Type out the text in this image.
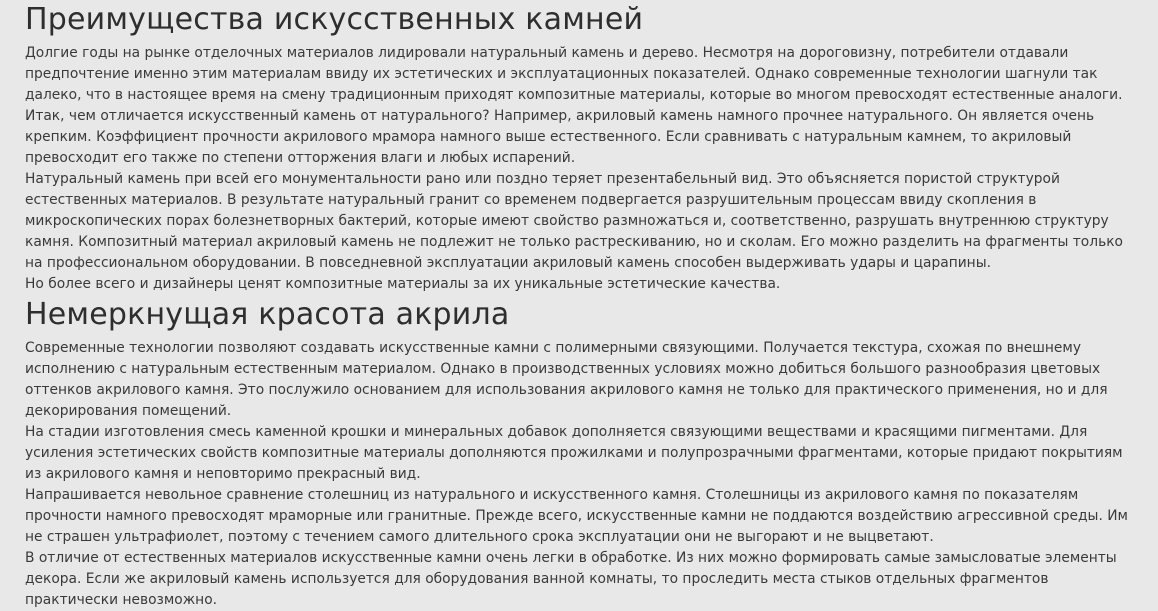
Преимущества искусственных камней

Долгие годы на рынке отделочных материалов лидировали натуральный камень и дерево. Несмотря на дороговизну, потребители отдавали предпочтение именно этим материалам ввиду их эстетических и эксплуатационных показателей. Однако современные технологии шагнули так далеко, что в настоящее время на смену традиционным приходят композитные материалы, которые во многом превосходят естественные аналоги.

Итак, чем отличается искусственный камень от натурального? Например, акриловый камень намного прочнее натурального. Он является очень крепким. Коэффициент прочности акрилового мрамора намного выше естественного. Если сравнивать с натуральным камнем, то акриловый превосходит его также по степени отторжения влаги и любых испарений.

Натуральный камень при всей его монументальности рано или поздно теряет презентабельный вид. Это объясняется пористой структурой естественных материалов. В результате натуральный гранит со временем подвергается разрушительным процессам ввиду скопления в микроскопических порах болезнетворных бактерий, которые имеют свойство размножаться и, соответственно, разрушать внутреннюю структуру камня. Композитный материал акриловый камень не подлежит не только растрескиванию, но и сколам. Его можно разделить на фрагменты только на профессиональном оборудовании. В повседневной эксплуатации акриловый камень способен выдерживать удары и царапины.

Но более всего и дизайнеры ценят композитные материалы за их уникальные эстетические качества.

Немеркнущая красота акрила

Современные технологии позволяют создавать искусственные камни с полимерными связующими. Получается текстура, схожая по внешнему исполнению с натуральным естественным материалом. Однако в производственных условиях можно добиться большого разнообразия цветовых оттенков акрилового камня. Это послужило основанием для использования акрилового камня не только для практического применения, но и для декорирования помещений.

На стадии изготовления смесь каменной крошки и минеральных добавок дополняется связующими веществами и красящими пигментами. Для усиления эстетических свойств композитные материалы дополняются прожилками и полупрозрачными фрагментами, которые придают покрытиям из акрилового камня и неповторимо прекрасный вид.

Напрашивается невольное сравнение столешниц из натурального и искусственного камня. Столешницы из акрилового камня по показателям прочности намного превосходят мраморные или гранитные. Прежде всего, искусственные камни не поддаются воздействию агрессивной среды. Им не страшен ультрафиолет, поэтому с течением самого длительного срока эксплуатации они не выгорают и не выцветают.

В отличие от естественных материалов искусственные камни очень легки в обработке. Из них можно формировать самые замысловатые элементы декора. Если же акриловый камень используется для оборудования ванной комнаты, то проследить места стыков отдельных фрагментов практически невозможно.
